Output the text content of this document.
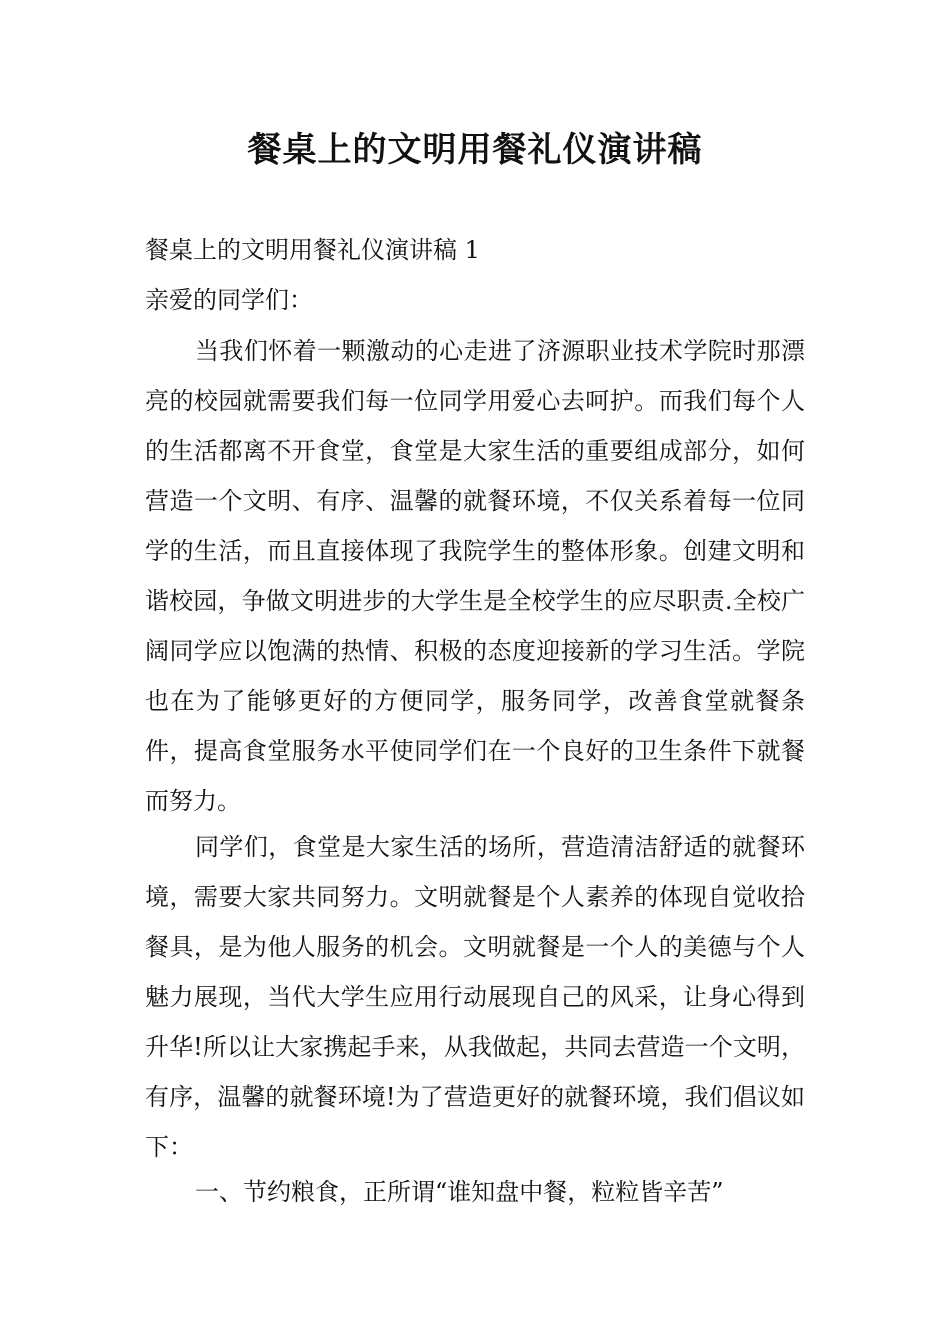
餐桌上的文明用餐礼仪演讲稿

餐桌上的文明用餐礼仪演讲稿 1

亲爱的同学们：

当我们怀着一颗激动的心走进了济源职业技术学院时那漂亮的校园就需要我们每一位同学用爱心去呵护。而我们每个人的生活都离不开食堂，食堂是大家生活的重要组成部分，如何营造一个文明、有序、温馨的就餐环境，不仅关系着每一位同学的生活，而且直接体现了我院学生的整体形象。创建文明和谐校园，争做文明进步的大学生是全校学生的应尽职责.全校广阔同学应以饱满的热情、积极的态度迎接新的学习生活。学院也在为了能够更好的方便同学，服务同学，改善食堂就餐条件，提高食堂服务水平使同学们在一个良好的卫生条件下就餐而努力。

同学们，食堂是大家生活的场所，营造清洁舒适的就餐环境，需要大家共同努力。文明就餐是个人素养的体现自觉收拾餐具，是为他人服务的机会。文明就餐是一个人的美德与个人魅力展现，当代大学生应用行动展现自己的风采，让身心得到升华!所以让大家携起手来，从我做起，共同去营造一个文明，有序，温馨的就餐环境!为了营造更好的就餐环境，我们倡议如下：

一、节约粮食，正所谓“谁知盘中餐，粒粒皆辛苦”
